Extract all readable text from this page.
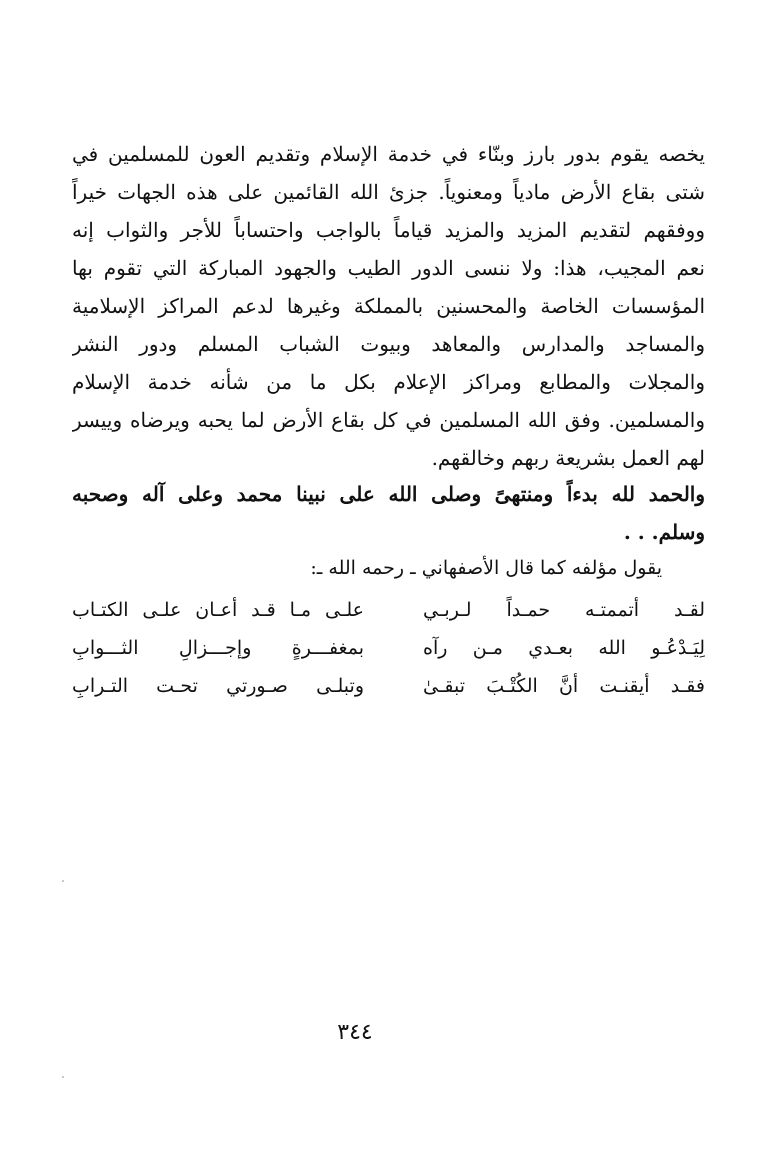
يخصه يقوم بدور بارز وبنّاء في خدمة الإسلام وتقديم العون للمسلمين في
شتى بقاع الأرض مادياً ومعنوياً. جزئ الله القائمين على هذه الجهات خيراً
ووفقهم لتقديم المزيد والمزيد قياماً بالواجب واحتساباً للأجر والثواب إنه
نعم المجيب، هذا: ولا ننسى الدور الطيب والجهود المباركة التي تقوم بها
المؤسسات الخاصة والمحسنين بالمملكة وغيرها لدعم المراكز الإسلامية
والمساجد والمدارس والمعاهد وبيوت الشباب المسلم ودور النشر
والمجلات والمطابع ومراكز الإعلام بكل ما من شأنه خدمة الإسلام
والمسلمين. وفق الله المسلمين في كل بقاع الأرض لما يحبه ويرضاه وييسر
لهم العمل بشريعة ربهم وخالقهم.
والحمد لله بدءاً ومنتهىً وصلى الله على نبينا محمد وعلى آله وصحبه
وسلم. . .
يقول مؤلفه كما قال الأصفهاني ـ رحمه الله ـ:
لقـد أتممتـه حمـداً لـربـي
علـى مـا قـد أعـان علـى الكتـاب
لِيَـدْعُـو الله بعـدي مـن رآه
بمغفـــرةٍ وإجـــزالِ الثـــوابِ
فقـد أيقنـت أنَّ الكُتْـبَ تبقـىٰ
وتبلـى صـورتي تحـت التـرابِ
٣٤٤
